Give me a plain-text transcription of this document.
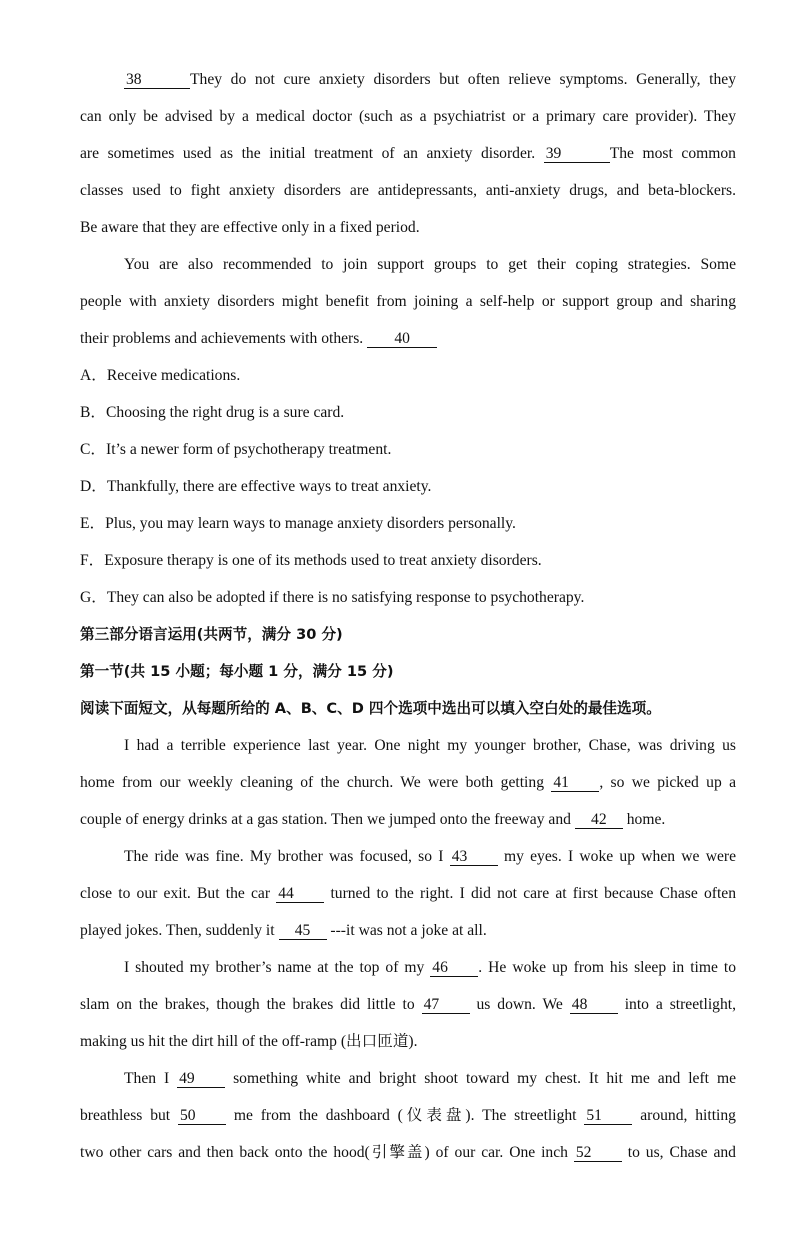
38	They do not cure anxiety disorders but often relieve symptoms. Generally, they
can only be advised by a medical doctor (such as a psychiatrist or a primary care provider). They
are sometimes used as the initial treatment of an anxiety disorder. 39	The most common
classes used to fight anxiety disorders are antidepressants, anti-anxiety drugs, and beta-blockers.
Be aware that they are effective only in a fixed period.
You are also recommended to join support groups to get their coping strategies. Some
people with anxiety disorders might benefit from joining a self-help or support group and sharing
their problems and achievements with others. 40
A．Receive medications.
B．Choosing the right drug is a sure card.
C．It’s a newer form of psychotherapy treatment.
D．Thankfully, there are effective ways to treat anxiety.
E．Plus, you may learn ways to manage anxiety disorders personally.
F．Exposure therapy is one of its methods used to treat anxiety disorders.
G．They can also be adopted if there is no satisfying response to psychotherapy.
第三部分语言运用(共两节，满分 30 分)
第一节(共 15 小题；每小题 1 分，满分 15 分)
阅读下面短文，从每题所给的 A、B、C、D 四个选项中选出可以填入空白处的最佳选项。
I had a terrible experience last year. One night my younger brother, Chase, was driving us
home from our weekly cleaning of the church. We were both getting 41 , so we picked up a
couple of energy drinks at a gas station. Then we jumped onto the freeway and 42 home.
The ride was fine. My brother was focused, so I 43 my eyes. I woke up when we were
close to our exit. But the car 44 turned to the right. I did not care at first because Chase often
played jokes. Then, suddenly it 45 ---it was not a joke at all.
I shouted my brother’s name at the top of my 46 . He woke up from his sleep in time to
slam on the brakes, though the brakes did little to 47 us down. We 48 into a streetlight,
making us hit the dirt hill of the off-ramp (出口匝道).
Then I 49 something white and bright shoot toward my chest. It hit me and left me
breathless but 50 me from the dashboard (仪表盘). The streetlight 51 around, hitting
two other cars and then back onto the hood(引擎盖) of our car. One inch 52 to us, Chase and
